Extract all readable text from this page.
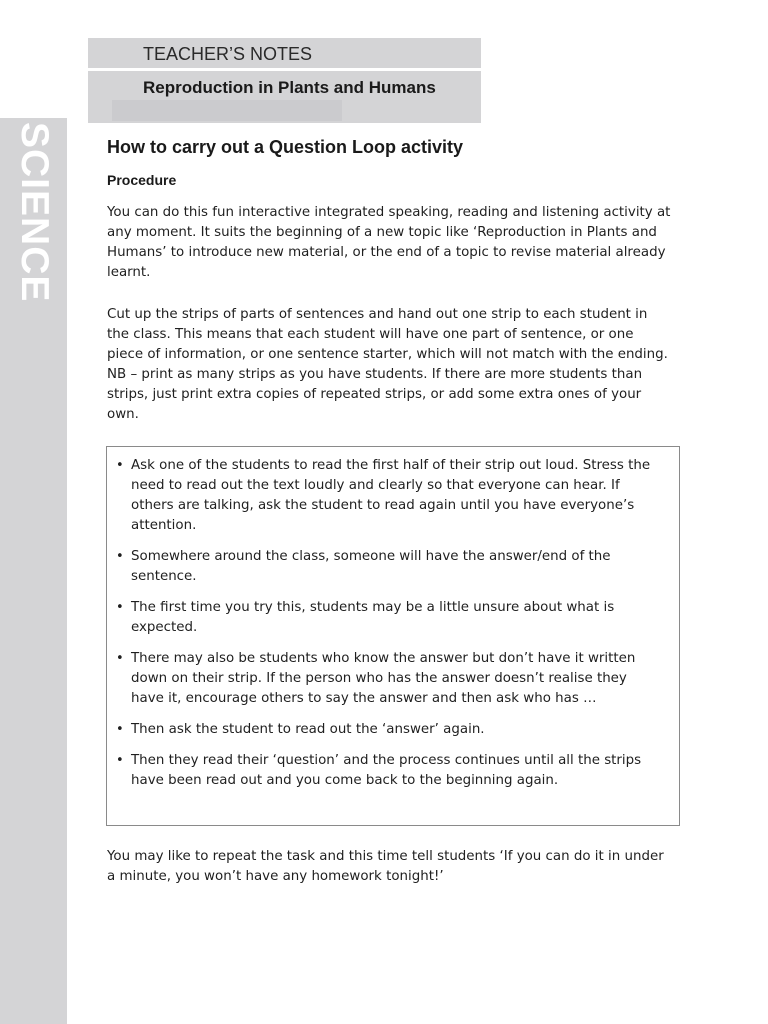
SCIENCE
TEACHER’S NOTES
Reproduction in Plants and Humans
How to carry out a Question Loop activity
Procedure

You can do this fun interactive integrated speaking, reading and listening activity at any moment. It suits the beginning of a new topic like ‘Reproduction in Plants and Humans’ to introduce new material, or the end of a topic to revise material already learnt.

Cut up the strips of parts of sentences and hand out one strip to each student in the class. This means that each student will have one part of sentence, or one piece of information, or one sentence starter, which will not match with the ending. NB – print as many strips as you have students. If there are more students than strips, just print extra copies of repeated strips, or add some extra ones of your own.

• Ask one of the students to read the first half of their strip out loud. Stress the need to read out the text loudly and clearly so that everyone can hear. If others are talking, ask the student to read again until you have everyone’s attention.
• Somewhere around the class, someone will have the answer/end of the sentence.
• The first time you try this, students may be a little unsure about what is expected.
• There may also be students who know the answer but don’t have it written down on their strip. If the person who has the answer doesn’t realise they have it, encourage others to say the answer and then ask who has …
• Then ask the student to read out the ‘answer’ again.
• Then they read their ‘question’ and the process continues until all the strips have been read out and you come back to the beginning again.

You may like to repeat the task and this time tell students ‘If you can do it in under a minute, you won’t have any homework tonight!’
